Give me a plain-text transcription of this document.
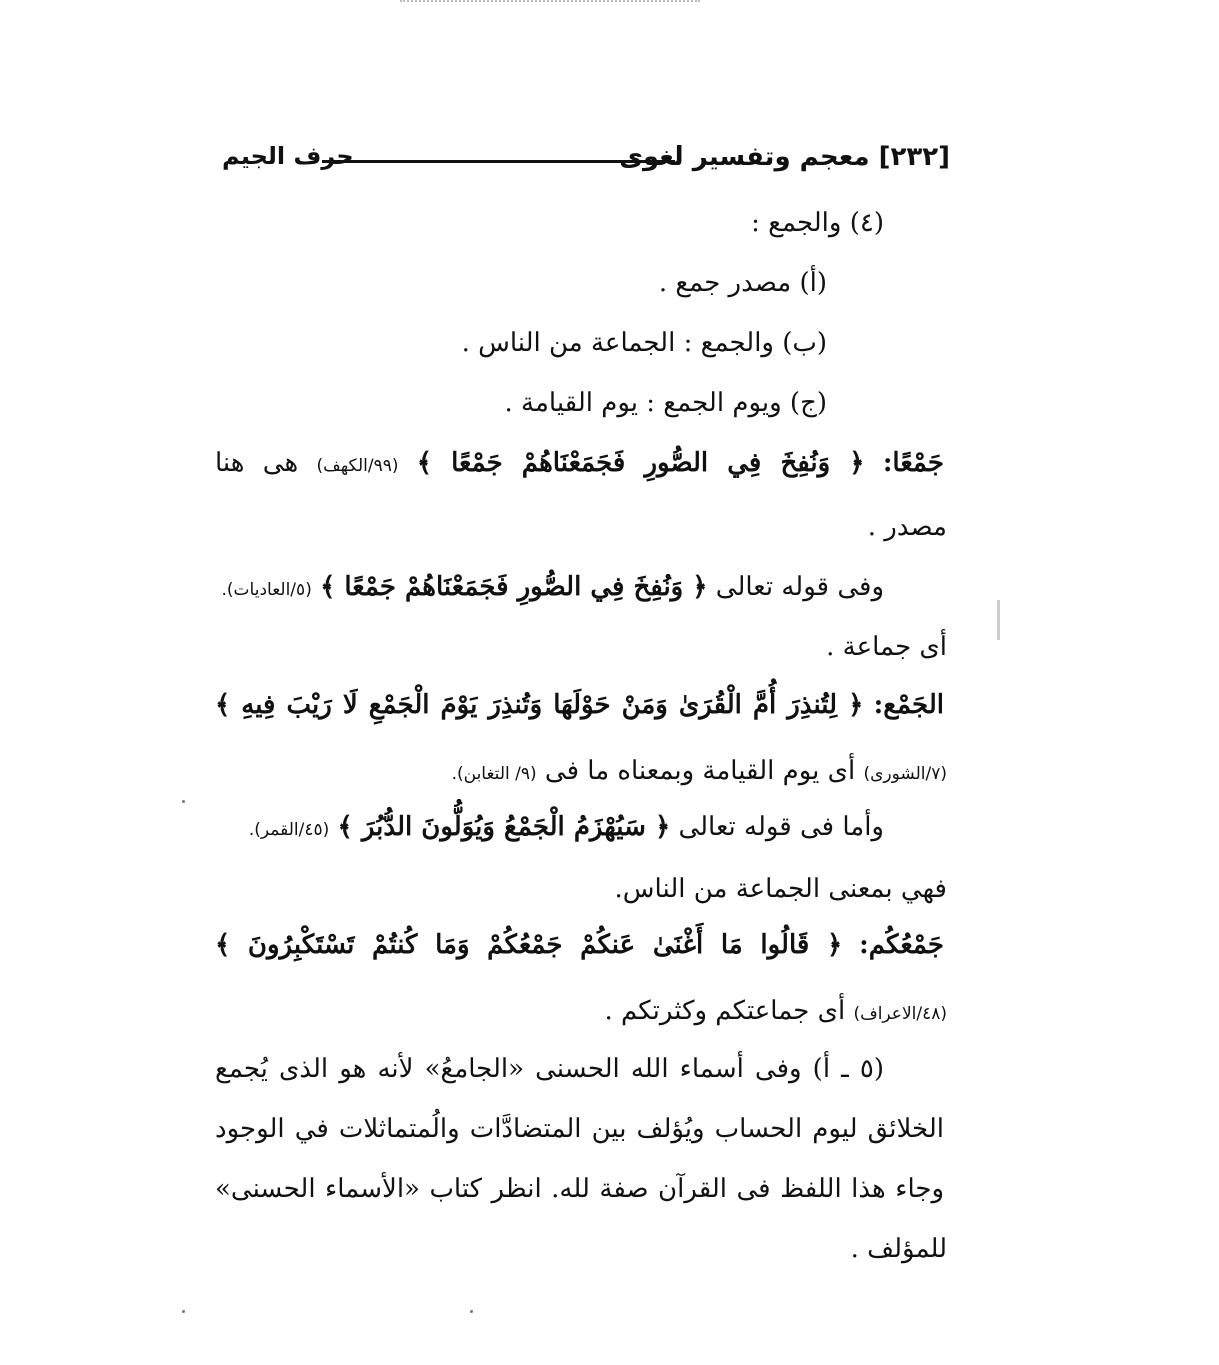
[٢٣٢] معجم وتفسير لغوى
حرف الجيم
(٤) والجمع :
(أ) مصدر جمع .
(ب) والجمع : الجماعة من الناس .
(ج) ويوم الجمع : يوم القيامة .
جَمْعًا: ﴿ وَنُفِخَ فِي الصُّورِ فَجَمَعْنَاهُمْ جَمْعًا ﴾ (٩٩/الكهف) هى هنا
مصدر .
وفى قوله تعالى ﴿ وَنُفِخَ فِي الصُّورِ فَجَمَعْنَاهُمْ جَمْعًا ﴾ (٥/العاديات).
أى جماعة .
الجَمْع: ﴿ لِتُنذِرَ أُمَّ الْقُرَىٰ وَمَنْ حَوْلَهَا وَتُنذِرَ يَوْمَ الْجَمْعِ لَا رَيْبَ فِيهِ ﴾
(٧/الشورى) أى يوم القيامة وبمعناه ما فى (٩/ التغابن).
وأما فى قوله تعالى ﴿ سَيُهْزَمُ الْجَمْعُ وَيُوَلُّونَ الدُّبُرَ ﴾ (٤٥/القمر).
فهي بمعنى الجماعة من الناس.
جَمْعُكُم: ﴿ قَالُوا مَا أَغْنَىٰ عَنكُمْ جَمْعُكُمْ وَمَا كُنتُمْ تَسْتَكْبِرُونَ ﴾
(٤٨/الاعراف) أى جماعتكم وكثرتكم .
(٥ ـ أ) وفى أسماء الله الحسنى «الجامعُ» لأنه هو الذى يُجمع
الخلائق ليوم الحساب ويُؤلف بين المتضادَّات والُمتماثلات في الوجود
وجاء هذا اللفظ فى القرآن صفة لله. انظر كتاب «الأسماء الحسنى»
للمؤلف .
